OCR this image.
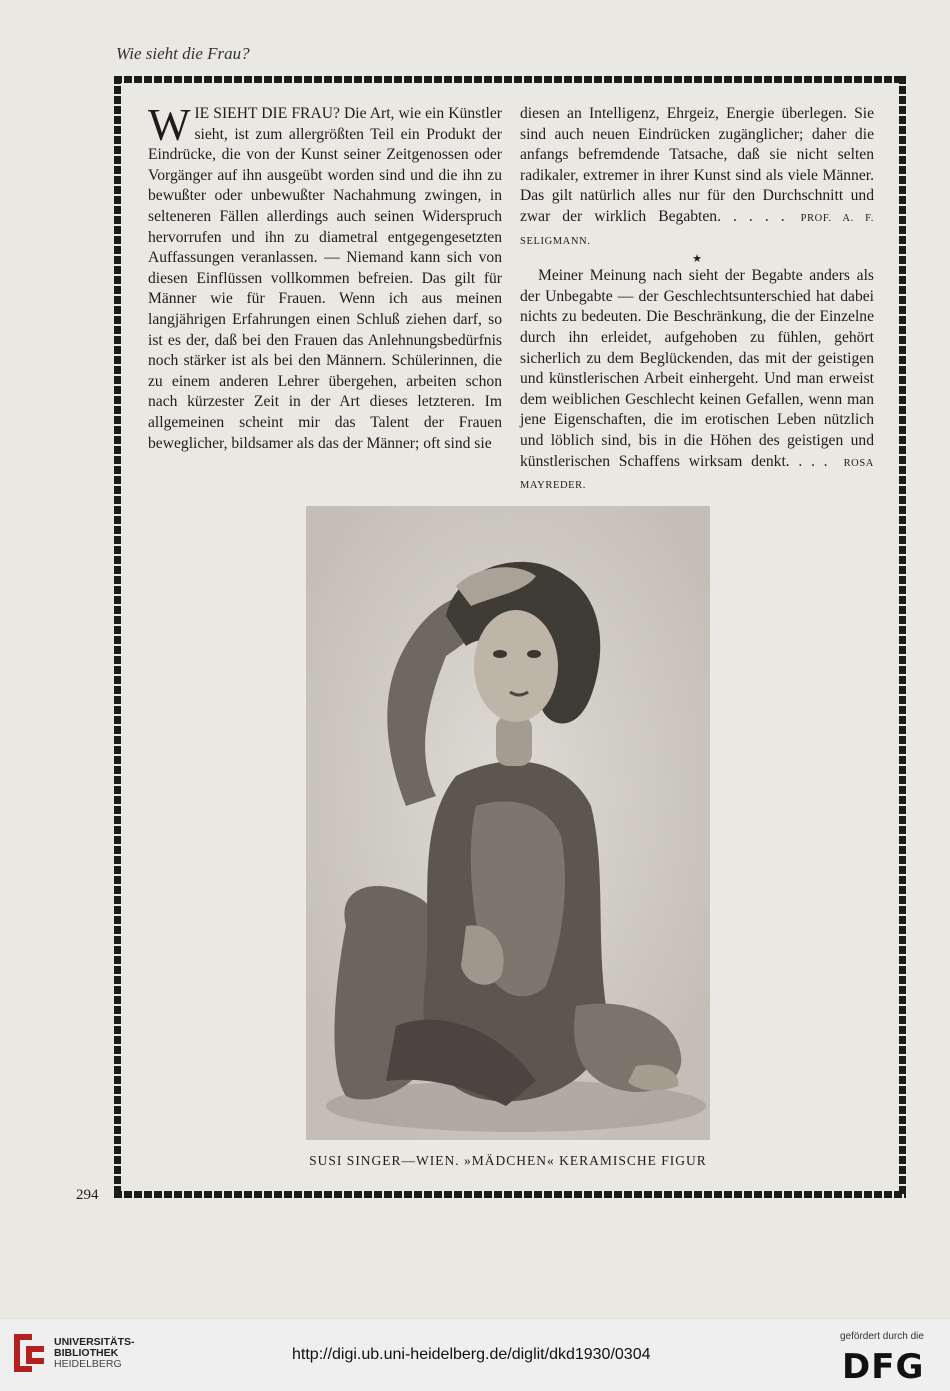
Wie sieht die Frau?

WIE SIEHT DIE FRAU? Die Art, wie ein Künstler sieht, ist zum allergrößten Teil ein Produkt der Eindrücke, die von der Kunst seiner Zeitgenossen oder Vorgänger auf ihn ausgeübt worden sind und die ihn zu bewußter oder unbewußter Nachahmung zwingen, in selteneren Fällen allerdings auch seinen Widerspruch hervorrufen und ihn zu diametral entgegengesetzten Auffassungen veranlassen. — Niemand kann sich von diesen Einflüssen vollkommen befreien. Das gilt für Männer wie für Frauen. Wenn ich aus meinen langjährigen Erfahrungen einen Schluß ziehen darf, so ist es der, daß bei den Frauen das Anlehnungsbedürfnis noch stärker ist als bei den Männern. Schülerinnen, die zu einem anderen Lehrer übergehen, arbeiten schon nach kürzester Zeit in der Art dieses letzteren. Im allgemeinen scheint mir das Talent der Frauen beweglicher, bildsamer als das der Männer; oft sind sie

diesen an Intelligenz, Ehrgeiz, Energie überlegen. Sie sind auch neuen Eindrücken zugänglicher; daher die anfangs befremdende Tatsache, daß sie nicht selten radikaler, extremer in ihrer Kunst sind als viele Männer. Das gilt natürlich alles nur für den Durchschnitt und zwar der wirklich Begabten. . . . . PROF. A. F. SELIGMANN.

★

Meiner Meinung nach sieht der Begabte anders als der Unbegabte — der Geschlechtsunterschied hat dabei nichts zu bedeuten. Die Beschränkung, die der Einzelne durch ihn erleidet, aufgehoben zu fühlen, gehört sicherlich zu dem Beglückenden, das mit der geistigen und künstlerischen Arbeit einhergeht. Und man erweist dem weiblichen Geschlecht keinen Gefallen, wenn man jene Eigenschaften, die im erotischen Leben nützlich und löblich sind, bis in die Höhen des geistigen und künstlerischen Schaffens wirksam denkt. . . . ROSA MAYREDER.

SUSI SINGER—WIEN. »MÄDCHEN« KERAMISCHE FIGUR
294
UNIVERSITÄTS-
BIBLIOTHEK
HEIDELBERG
http://digi.ub.uni-heidelberg.de/diglit/dkd1930/0304
gefördert durch die
DFG
